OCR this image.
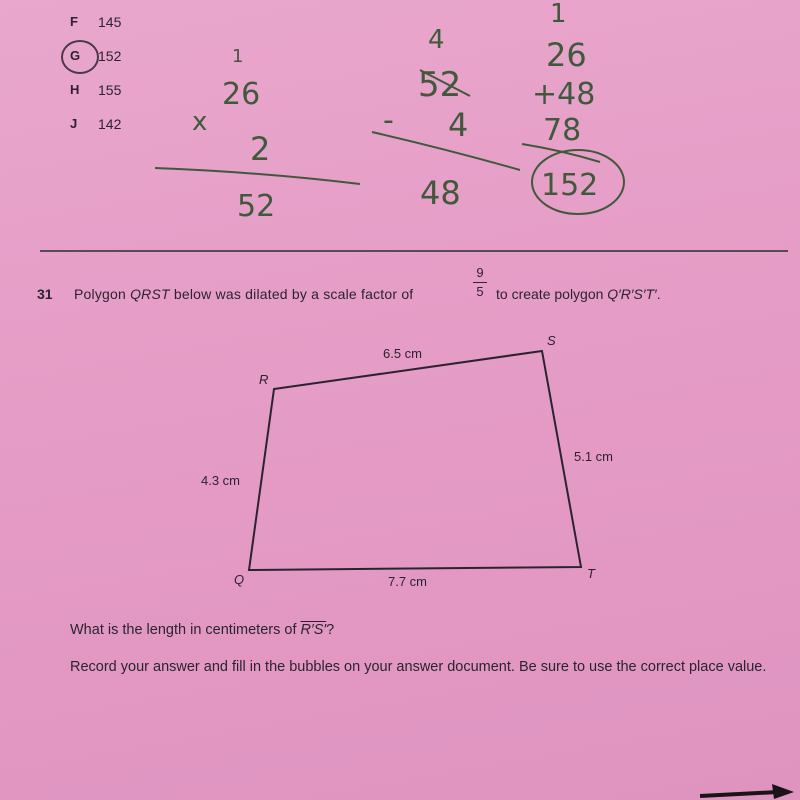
F	145
G	152
H	155
J	142
1
26
x
2
52
4
52
- 4
48
1
26
+48
78
152
31 Polygon QRST below was dilated by a scale factor of
9
5 to create polygon Q′R′S′T′.
R
S
T
Q
6.5 cm
4.3 cm
5.1 cm
7.7 cm
What is the length in centimeters of R′S′?
Record your answer and fill in the bubbles on your answer document. Be sure to use the correct place value.
